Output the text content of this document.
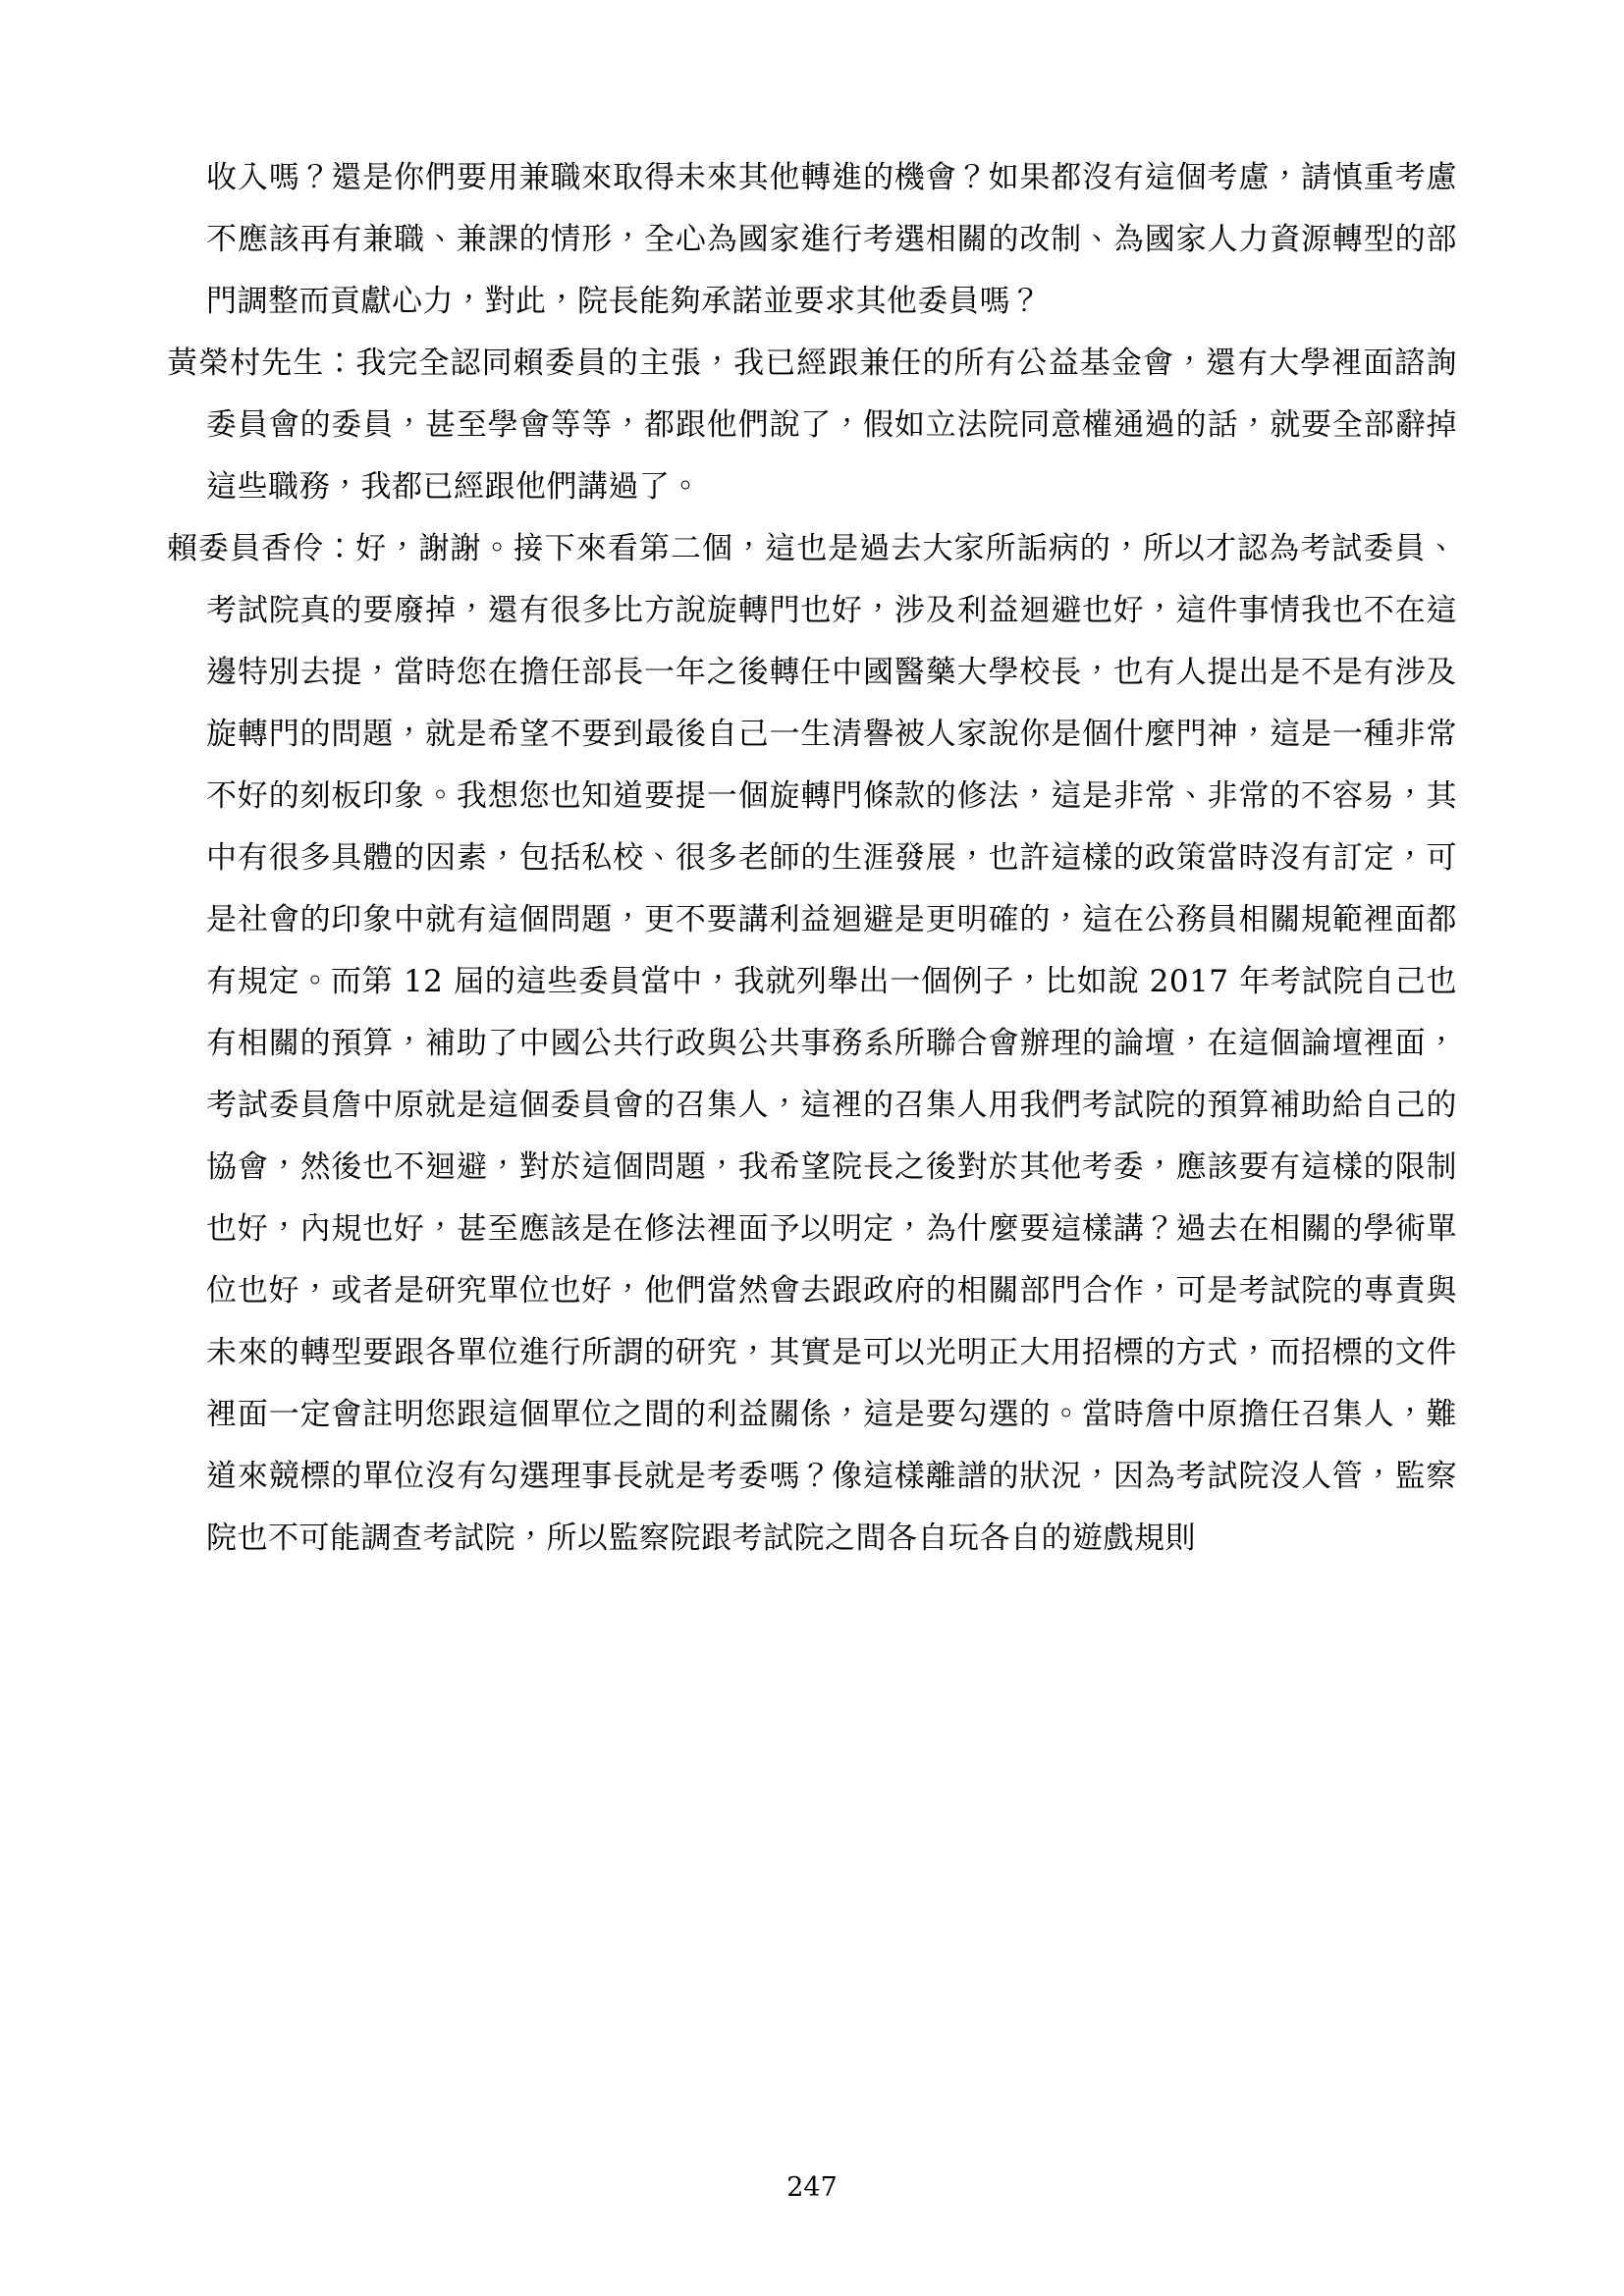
收入嗎？還是你們要用兼職來取得未來其他轉進的機會？如果都沒有這個考慮，請慎重考慮不應該再有兼職、兼課的情形，全心為國家進行考選相關的改制、為國家人力資源轉型的部門調整而貢獻心力，對此，院長能夠承諾並要求其他委員嗎？

黃榮村先生：我完全認同賴委員的主張，我已經跟兼任的所有公益基金會，還有大學裡面諮詢委員會的委員，甚至學會等等，都跟他們說了，假如立法院同意權通過的話，就要全部辭掉這些職務，我都已經跟他們講過了。

賴委員香伶：好，謝謝。接下來看第二個，這也是過去大家所詬病的，所以才認為考試委員、考試院真的要廢掉，還有很多比方說旋轉門也好，涉及利益迴避也好，這件事情我也不在這邊特別去提，當時您在擔任部長一年之後轉任中國醫藥大學校長，也有人提出是不是有涉及旋轉門的問題，就是希望不要到最後自己一生清譽被人家說你是個什麼門神，這是一種非常不好的刻板印象。我想您也知道要提一個旋轉門條款的修法，這是非常、非常的不容易，其中有很多具體的因素，包括私校、很多老師的生涯發展，也許這樣的政策當時沒有訂定，可是社會的印象中就有這個問題，更不要講利益迴避是更明確的，這在公務員相關規範裡面都有規定。而第 12 屆的這些委員當中，我就列舉出一個例子，比如說 2017 年考試院自己也有相關的預算，補助了中國公共行政與公共事務系所聯合會辦理的論壇，在這個論壇裡面，考試委員詹中原就是這個委員會的召集人，這裡的召集人用我們考試院的預算補助給自己的協會，然後也不迴避，對於這個問題，我希望院長之後對於其他考委，應該要有這樣的限制也好，內規也好，甚至應該是在修法裡面予以明定，為什麼要這樣講？過去在相關的學術單位也好，或者是研究單位也好，他們當然會去跟政府的相關部門合作，可是考試院的專責與未來的轉型要跟各單位進行所謂的研究，其實是可以光明正大用招標的方式，而招標的文件裡面一定會註明您跟這個單位之間的利益關係，這是要勾選的。當時詹中原擔任召集人，難道來競標的單位沒有勾選理事長就是考委嗎？像這樣離譜的狀況，因為考試院沒人管，監察院也不可能調查考試院，所以監察院跟考試院之間各自玩各自的遊戲規則

247
